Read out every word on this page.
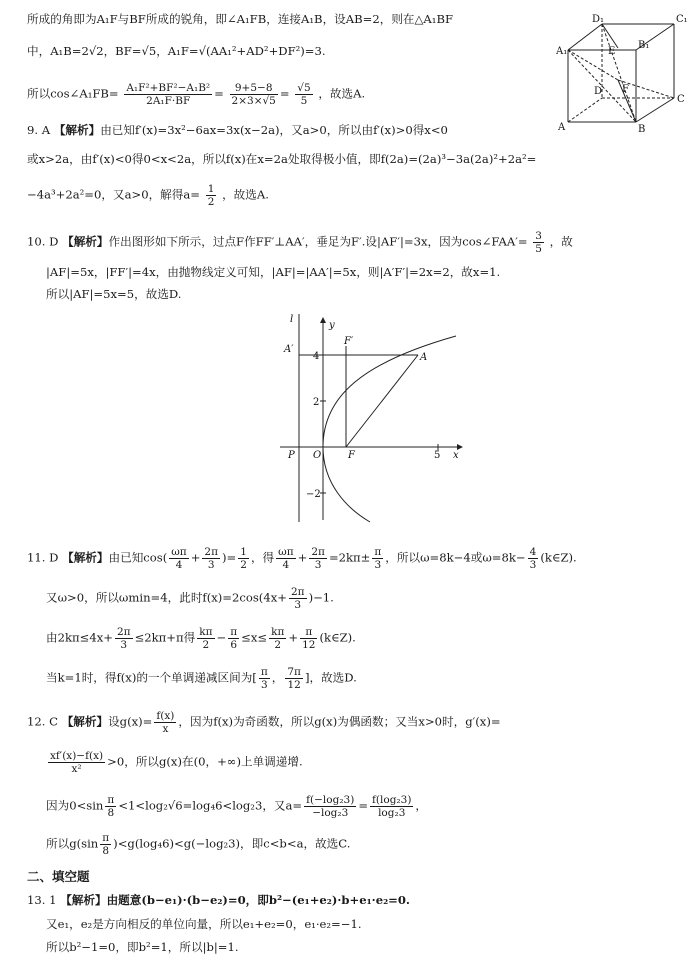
所成的角即为A₁F与BF所成的锐角，即∠A₁FB，连接A₁B，设AB=2，则在△A₁BF
中，A₁B=2√2，BF=√5，A₁F=√(AA₁²+AD²+DF²)=3.
所以cos∠A₁FB= $\frac{\text{A₁F²+BF²−A₁B²}}{\text{2A₁F·BF}} = \frac{9+5-8}{2\times 3\times√5} = \frac{√5}{5}$ ，故选A.
D₁	C₁
A₁
B₁
E
D F
C
A	B
9. A 【解析】由已知f′(x)=3x²−6ax=3x(x−2a)，又a>0，所以由f′(x)>0得x<0
或x>2a，由f′(x)<0得0<x<2a，所以f(x)在x=2a处取得极小值，即f(2a)=(2a)³−3a(2a)²+2a²=
−4a³+2a²=0，又a>0，解得$a= \frac{1}{2}$ ，故选A.
10. D 【解析】作出图形如下所示，过点F作FF′⊥AA′，垂足为F′.设|AF′|=3x，因为cos∠FAA′= $\frac{3}{5}$ ，故
|AF|=5x，|FF′|=4x，由抛物线定义可知，|AF|=|AA′|=5x，则|A′F′|=2x=2，故x=1.
所以|AF|=5x=5，故选D.
l
y
x
A′
F′
A
P O	F
4
2
−2
5
11. D 【解析】由已知$\cos( \frac{\omega\pi}{4} + \frac{2\pi}{3}$ )= $\frac{1}{2}$ ，得 $\frac{\omega\pi}{4} + \frac{2\pi}{3} =2k\pi\pm \frac{\pi}{3}$ ，所以ω=8k−4或$\omega=8k- \frac{4}{3}$ (k∈Z).
又ω>0，所以ωmin=4，此时$f(x)=2\cos(4x+ \frac{2\pi}{3} )-1$.
由$2k\pi\le 4x+ \frac{2\pi}{3} \le 2k\pi+\pi$得 $\frac{k\pi}{2} - \frac{\pi}{6} \le x\le \frac{k\pi}{2} + \frac{\pi}{12}$ (k∈Z).
当k=1时，得f(x)的一个单调递减区间为[ $\frac{\pi}{3}$ ， $\frac{7\pi}{12}$ ]，故选D.
12. C 【解析】设$g(x)= \frac{f(x)}{x}$ ，因为f(x)为奇函数，所以g(x)为偶函数；又当x>0时，g′(x)=
$\frac{xf'(x)-f(x)}{\text{x²}} >0$，所以g(x)在(0，+∞)上单调递增.
因为$0<\sin \frac{\pi}{8} <1<\log_2√6=\log_46<\log_23$，又$a= \frac{\text{f(−log₂3)}}{\text{−log₂3}} = \frac{\text{f(log₂3)}}{\text{log₂3}}$ ，
所以$g(\sin \frac{\pi}{8} )<g(\log_46)<g(-\log_23)$，即c<b<a，故选C.
二、填空题
13. 1 【解析】由题意(b−e₁)·(b−e₂)=0，即b²−(e₁+e₂)·b+e₁·e₂=0.
又e₁，e₂是方向相反的单位向量，所以e₁+e₂=0，e₁·e₂=−1.
所以b²−1=0，即b²=1，所以|b|=1.
